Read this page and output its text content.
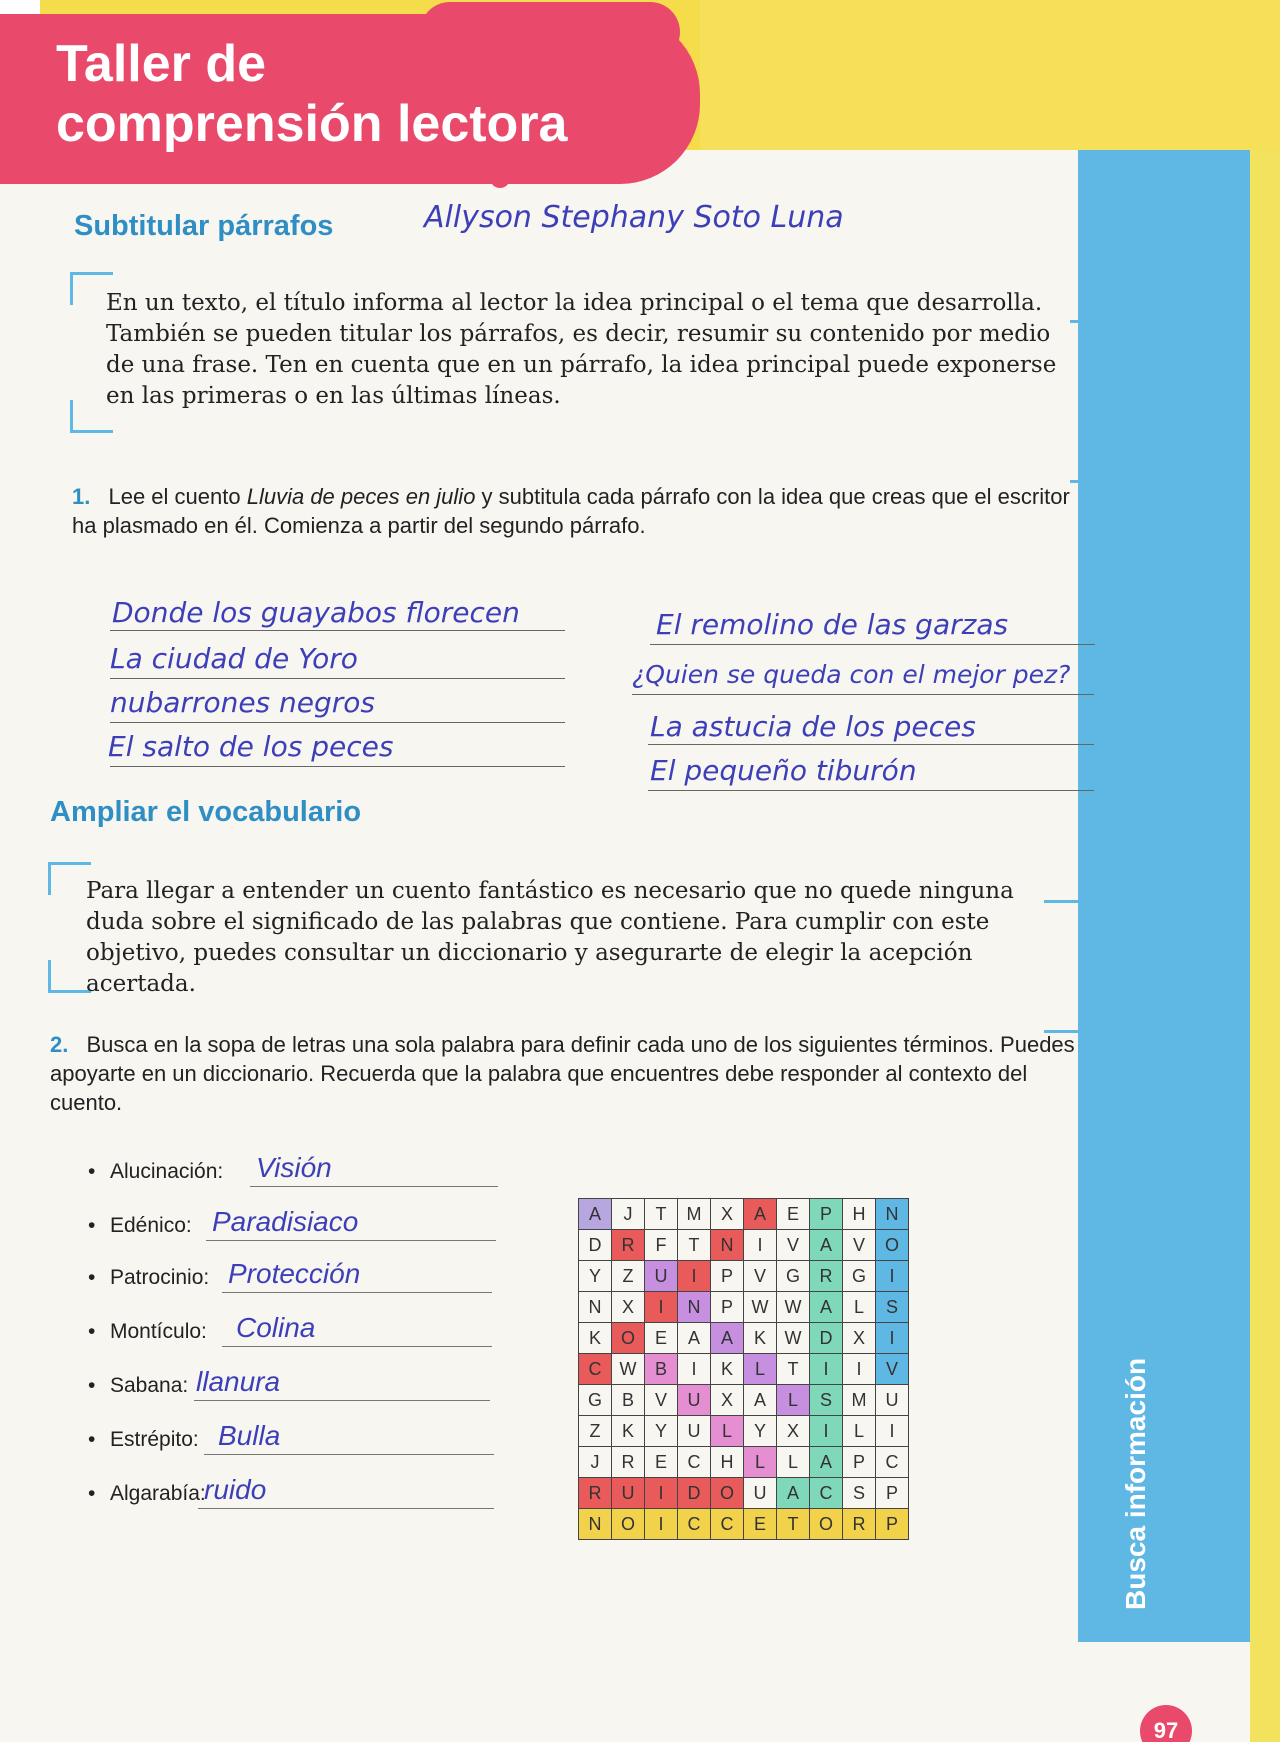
Taller de
comprensión lectora
Busca información
97
Subtitular párrafos	Allyson Stephany Soto Luna
En un texto, el título informa al lector la idea principal o el tema que desarrolla. También se pueden titular los párrafos, es decir, resumir su contenido por medio de una frase. Ten en cuenta que en un párrafo, la idea principal puede exponerse en las primeras o en las últimas líneas.
1. Lee el cuento Lluvia de peces en julio y subtitula cada párrafo con la idea que creas que el escritor ha plasmado en él. Comienza a partir del segundo párrafo.
Donde los guayabos florecen
La ciudad de Yoro
nubarrones negros
El salto de los peces
El remolino de las garzas
¿Quien se queda con el mejor pez?
La astucia de los peces
El pequeño tiburón
Ampliar el vocabulario
Para llegar a entender un cuento fantástico es necesario que no quede ninguna duda sobre el significado de las palabras que contiene. Para cumplir con este objetivo, puedes consultar un diccionario y asegurarte de elegir la acepción acertada.
2. Busca en la sopa de letras una sola palabra para definir cada uno de los siguientes términos. Puedes apoyarte en un diccionario. Recuerda que la palabra que encuentres debe responder al contexto del cuento.
• Alucinación: Visión
• Edénico: Paradisiaco
• Patrocinio: Protección
• Montículo: Colina
• Sabana: llanura
• Estrépito: Bulla
• Algarabía:
ruido
A	J	T	M	X	A	E	P	H	N
D	R	F	T	N	I	V	A	V	O
Y	Z	U	I	P	V	G	R	G	I
N	X	I	N	P	W	W	A	L	S
K	O	E	A	A	K	W	D	X	I
C	W	B	I	K	L	T	I	I	V
G	B	V	U	X	A	L	S	M	U
Z	K	Y	U	L	Y	X	I	L	I
J	R	E	C	H	L	L	A	P	C
R	U	I	D	O	U	A	C	S	P
N	O	I	C	C	E	T	O	R	P
